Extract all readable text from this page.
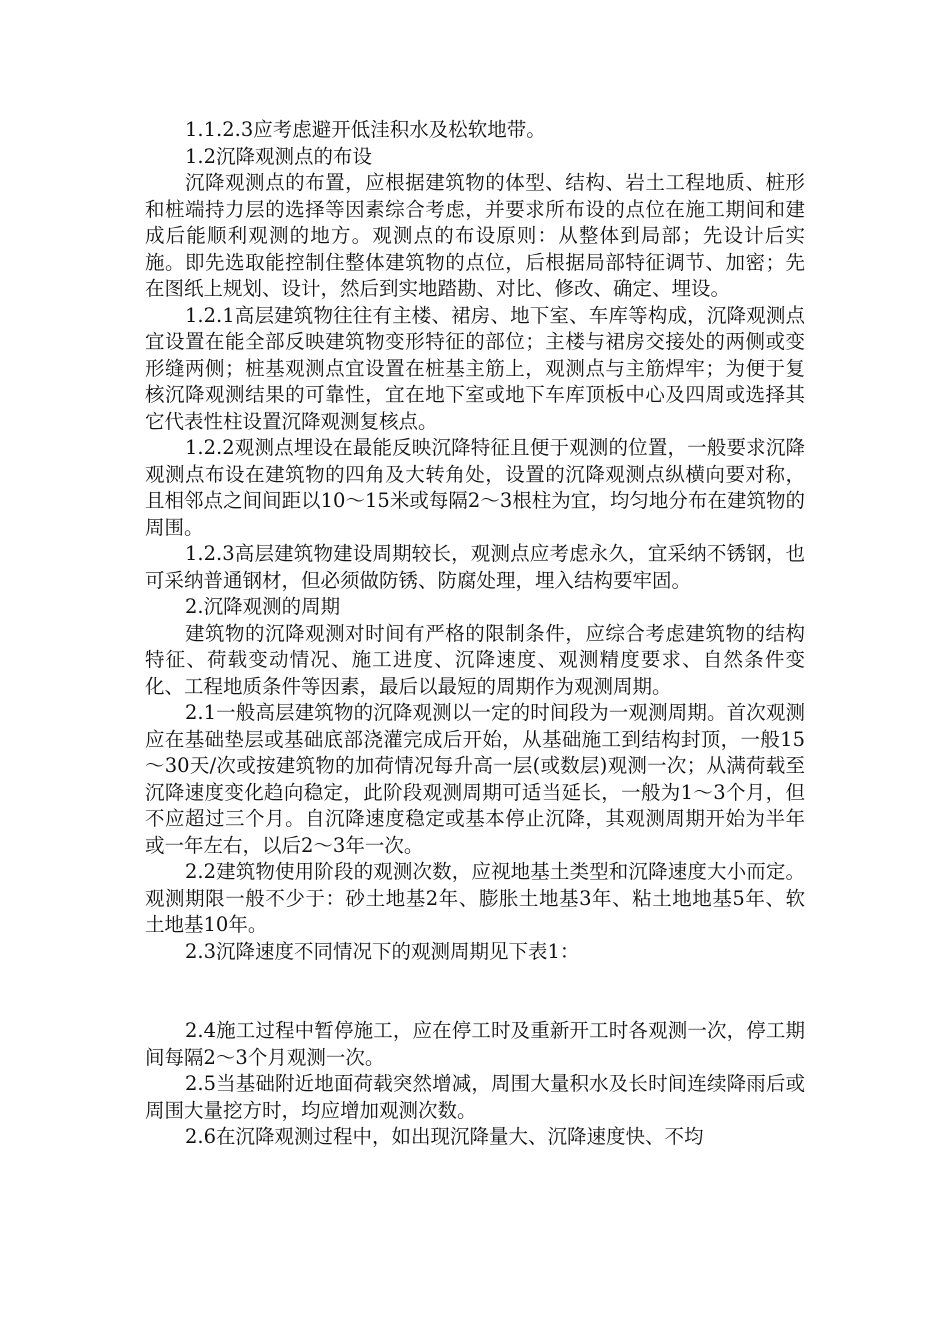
1.1.2.3应考虑避开低洼积水及松软地带。

1.2沉降观测点的布设

沉降观测点的布置，应根据建筑物的体型、结构、岩土工程地质、桩形和桩端持力层的选择等因素综合考虑，并要求所布设的点位在施工期间和建成后能顺利观测的地方。观测点的布设原则：从整体到局部；先设计后实施。即先选取能控制住整体建筑物的点位，后根据局部特征调节、加密；先在图纸上规划、设计，然后到实地踏勘、对比、修改、确定、埋设。

1.2.1高层建筑物往往有主楼、裙房、地下室、车库等构成，沉降观测点宜设置在能全部反映建筑物变形特征的部位；主楼与裙房交接处的两侧或变形缝两侧；桩基观测点宜设置在桩基主筋上，观测点与主筋焊牢；为便于复核沉降观测结果的可靠性，宜在地下室或地下车库顶板中心及四周或选择其它代表性柱设置沉降观测复核点。

1.2.2观测点埋设在最能反映沉降特征且便于观测的位置，一般要求沉降观测点布设在建筑物的四角及大转角处，设置的沉降观测点纵横向要对称，且相邻点之间间距以10～15米或每隔2～3根柱为宜，均匀地分布在建筑物的周围。

1.2.3高层建筑物建设周期较长，观测点应考虑永久，宜采纳不锈钢，也可采纳普通钢材，但必须做防锈、防腐处理，埋入结构要牢固。

2.沉降观测的周期

建筑物的沉降观测对时间有严格的限制条件，应综合考虑建筑物的结构特征、荷载变动情况、施工进度、沉降速度、观测精度要求、自然条件变化、工程地质条件等因素，最后以最短的周期作为观测周期。

2.1一般高层建筑物的沉降观测以一定的时间段为一观测周期。首次观测应在基础垫层或基础底部浇灌完成后开始，从基础施工到结构封顶，一般15～30天/次或按建筑物的加荷情况每升高一层(或数层)观测一次；从满荷载至沉降速度变化趋向稳定，此阶段观测周期可适当延长，一般为1～3个月，但不应超过三个月。自沉降速度稳定或基本停止沉降，其观测周期开始为半年或一年左右，以后2～3年一次。

2.2建筑物使用阶段的观测次数，应视地基土类型和沉降速度大小而定。观测期限一般不少于：砂土地基2年、膨胀土地基3年、粘土地地基5年、软土地基10年。

2.3沉降速度不同情况下的观测周期见下表1：

2.4施工过程中暂停施工，应在停工时及重新开工时各观测一次，停工期间每隔2～3个月观测一次。

2.5当基础附近地面荷载突然增减，周围大量积水及长时间连续降雨后或周围大量挖方时，均应增加观测次数。

2.6在沉降观测过程中，如出现沉降量大、沉降速度快、不均
